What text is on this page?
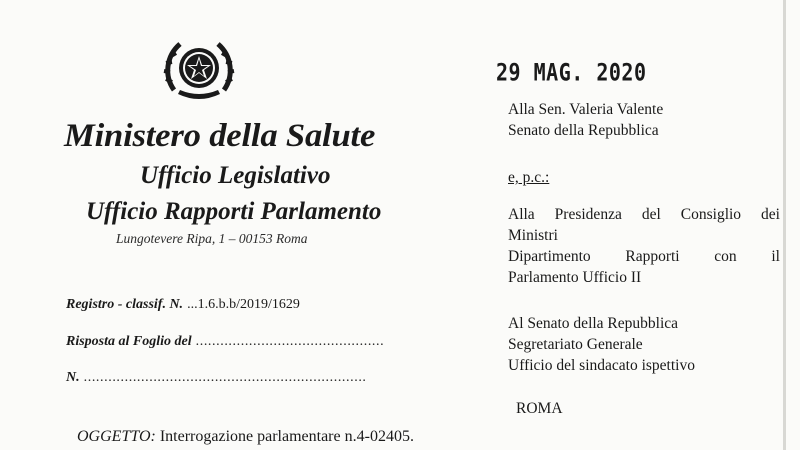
Ministero della Salute
Ufficio Legislativo
Ufficio Rapporti Parlamento
Lungotevere Ripa, 1 – 00153 Roma
Registro - classif. N. ...1.6.b.b/2019/1629
Risposta al Foglio del ..............................................
N. .....................................................................
OGGETTO: Interrogazione parlamentare n.4-02405.
29 MAG. 2020
Alla Sen. Valeria Valente
Senato della Repubblica
e, p.c.:
Alla Presidenza del Consiglio dei
Ministri
Dipartimento Rapporti con il
Parlamento Ufficio II
Al Senato della Repubblica
Segretariato Generale
Ufficio del sindacato ispettivo
ROMA
